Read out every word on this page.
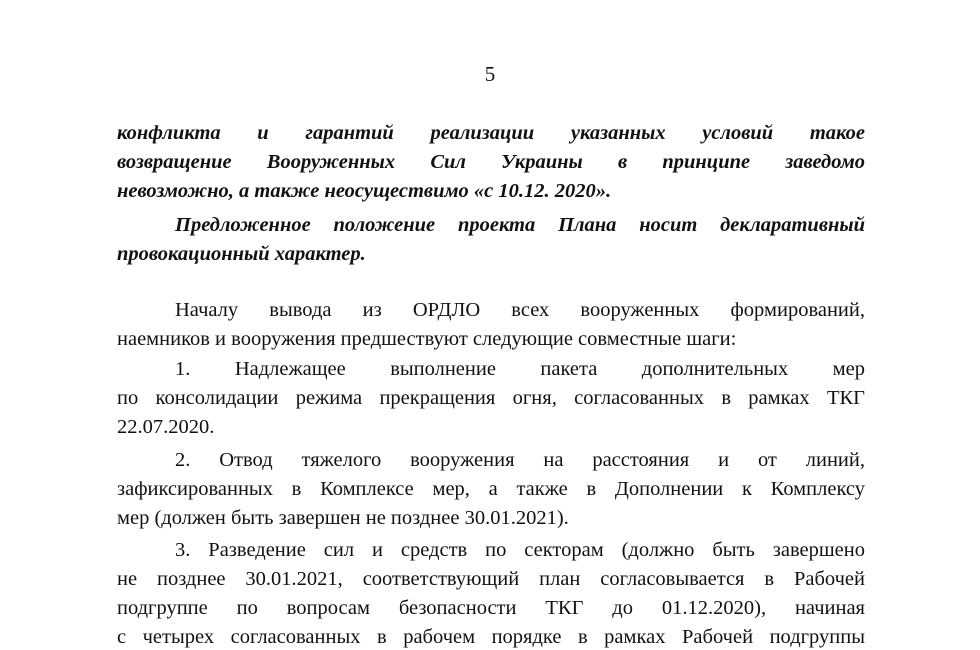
5
конфликта и гарантий реализации указанных условий такое
возвращение Вооруженных Сил Украины в принципе заведомо
невозможно, а также неосуществимо «с 10.12. 2020».
Предложенное положение проекта Плана носит декларативный
провокационный характер.
Началу вывода из ОРДЛО всех вооруженных формирований,
наемников и вооружения предшествуют следующие совместные шаги:
1. Надлежащее выполнение пакета дополнительных мер
по консолидации режима прекращения огня, согласованных в рамках ТКГ
22.07.2020.
2. Отвод тяжелого вооружения на расстояния и от линий,
зафиксированных в Комплексе мер, а также в Дополнении к Комплексу
мер (должен быть завершен не позднее 30.01.2021).
3. Разведение сил и средств по секторам (должно быть завершено
не позднее 30.01.2021, соответствующий план согласовывается в Рабочей
подгруппе по вопросам безопасности ТКГ до 01.12.2020), начиная
с четырех согласованных в рабочем порядке в рамках Рабочей подгруппы
